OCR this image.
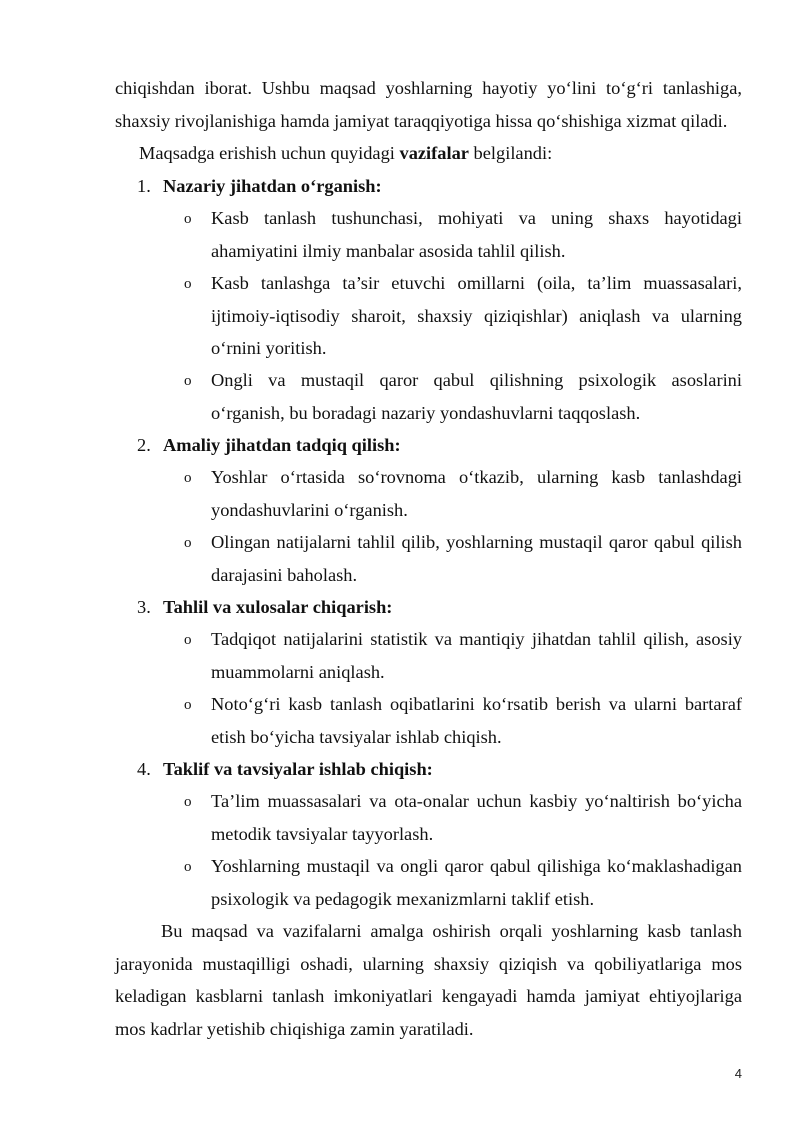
chiqishdan iborat. Ushbu maqsad yoshlarning hayotiy yo‘lini to‘g‘ri tanlashiga, shaxsiy rivojlanishiga hamda jamiyat taraqqiyotiga hissa qo‘shishiga xizmat qiladi.

Maqsadga erishish uchun quyidagi vazifalar belgilandi:

1. Nazariy jihatdan o‘rganish:

o Kasb tanlash tushunchasi, mohiyati va uning shaxs hayotidagi ahamiyatini ilmiy manbalar asosida tahlil qilish.

o Kasb tanlashga ta’sir etuvchi omillarni (oila, ta’lim muassasalari, ijtimoiy-iqtisodiy sharoit, shaxsiy qiziqishlar) aniqlash va ularning o‘rnini yoritish.

o Ongli va mustaqil qaror qabul qilishning psixologik asoslarini o‘rganish, bu boradagi nazariy yondashuvlarni taqqoslash.

2. Amaliy jihatdan tadqiq qilish:

o Yoshlar o‘rtasida so‘rovnoma o‘tkazib, ularning kasb tanlashdagi yondashuvlarini o‘rganish.

o Olingan natijalarni tahlil qilib, yoshlarning mustaqil qaror qabul qilish darajasini baholash.

3. Tahlil va xulosalar chiqarish:

o Tadqiqot natijalarini statistik va mantiqiy jihatdan tahlil qilish, asosiy muammolarni aniqlash.

o Noto‘g‘ri kasb tanlash oqibatlarini ko‘rsatib berish va ularni bartaraf etish bo‘yicha tavsiyalar ishlab chiqish.

4. Taklif va tavsiyalar ishlab chiqish:

o Ta’lim muassasalari va ota-onalar uchun kasbiy yo‘naltirish bo‘yicha metodik tavsiyalar tayyorlash.

o Yoshlarning mustaqil va ongli qaror qabul qilishiga ko‘maklashadigan psixologik va pedagogik mexanizmlarni taklif etish.

Bu maqsad va vazifalarni amalga oshirish orqali yoshlarning kasb tanlash jarayonida mustaqilligi oshadi, ularning shaxsiy qiziqish va qobiliyatlariga mos keladigan kasblarni tanlash imkoniyatlari kengayadi hamda jamiyat ehtiyojlariga mos kadrlar yetishib chiqishiga zamin yaratiladi.

4
